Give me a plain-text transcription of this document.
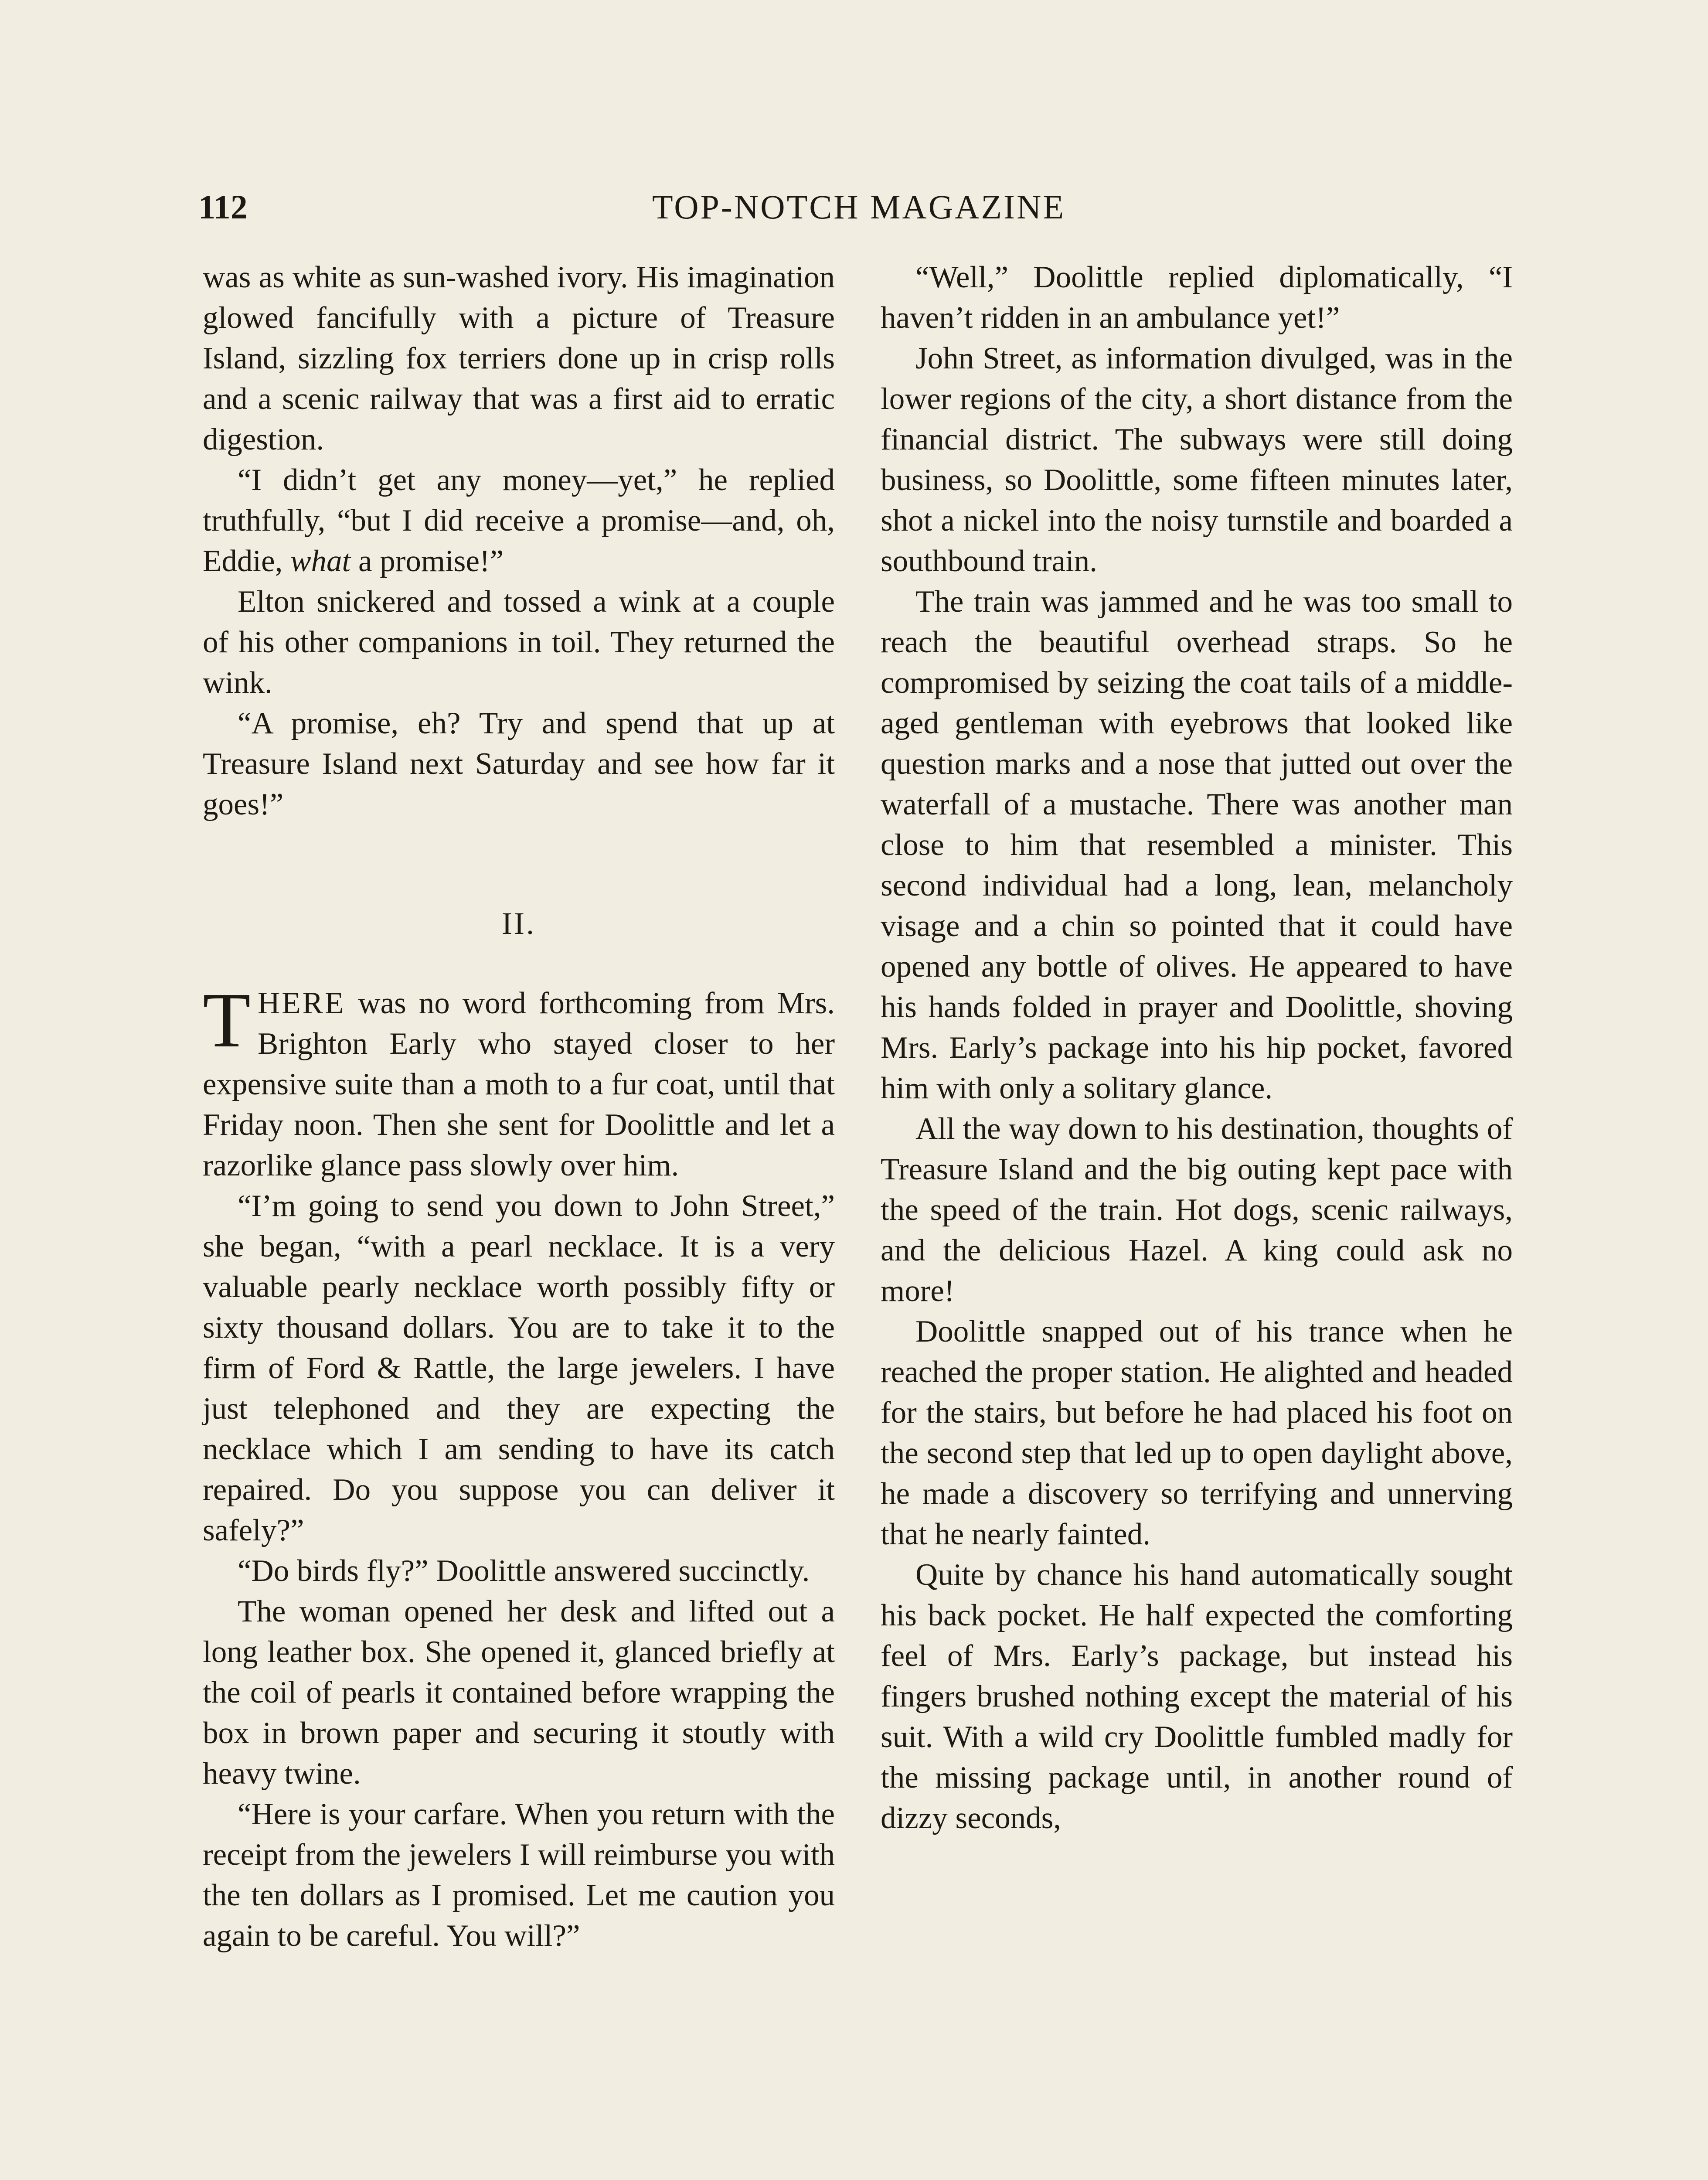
112	TOP-NOTCH MAGAZINE

was as white as sun-washed ivory. His imagination glowed fancifully with a picture of Treasure Island, sizzling fox terriers done up in crisp rolls and a scenic railway that was a first aid to erratic digestion.

“I didn’t get any money—yet,” he replied truthfully, “but I did receive a promise—and, oh, Eddie, what a promise!”

Elton snickered and tossed a wink at a couple of his other companions in toil. They returned the wink.

“A promise, eh? Try and spend that up at Treasure Island next Saturday and see how far it goes!”

II.

THERE was no word forthcoming from Mrs. Brighton Early who stayed closer to her expensive suite than a moth to a fur coat, until that Friday noon. Then she sent for Doolittle and let a razorlike glance pass slowly over him.

“I’m going to send you down to John Street,” she began, “with a pearl necklace. It is a very valuable pearly necklace worth possibly fifty or sixty thousand dollars. You are to take it to the firm of Ford & Rattle, the large jewelers. I have just telephoned and they are expecting the necklace which I am sending to have its catch repaired. Do you suppose you can deliver it safely?”

“Do birds fly?” Doolittle answered succinctly.

The woman opened her desk and lifted out a long leather box. She opened it, glanced briefly at the coil of pearls it contained before wrapping the box in brown paper and securing it stoutly with heavy twine.

“Here is your carfare. When you return with the receipt from the jewelers I will reimburse you with the ten dollars as I promised. Let me caution you again to be careful. You will?”

“Well,” Doolittle replied diplomatically, “I haven’t ridden in an ambulance yet!”

John Street, as information divulged, was in the lower regions of the city, a short distance from the financial district. The subways were still doing business, so Doolittle, some fifteen minutes later, shot a nickel into the noisy turnstile and boarded a southbound train.

The train was jammed and he was too small to reach the beautiful overhead straps. So he compromised by seizing the coat tails of a middle-aged gentleman with eyebrows that looked like question marks and a nose that jutted out over the waterfall of a mustache. There was another man close to him that resembled a minister. This second individual had a long, lean, melancholy visage and a chin so pointed that it could have opened any bottle of olives. He appeared to have his hands folded in prayer and Doolittle, shoving Mrs. Early’s package into his hip pocket, favored him with only a solitary glance.

All the way down to his destination, thoughts of Treasure Island and the big outing kept pace with the speed of the train. Hot dogs, scenic railways, and the delicious Hazel. A king could ask no more!

Doolittle snapped out of his trance when he reached the proper station. He alighted and headed for the stairs, but before he had placed his foot on the second step that led up to open daylight above, he made a discovery so terrifying and unnerving that he nearly fainted.

Quite by chance his hand automatically sought his back pocket. He half expected the comforting feel of Mrs. Early’s package, but instead his fingers brushed nothing except the material of his suit. With a wild cry Doolittle fumbled madly for the missing package until, in another round of dizzy seconds,
